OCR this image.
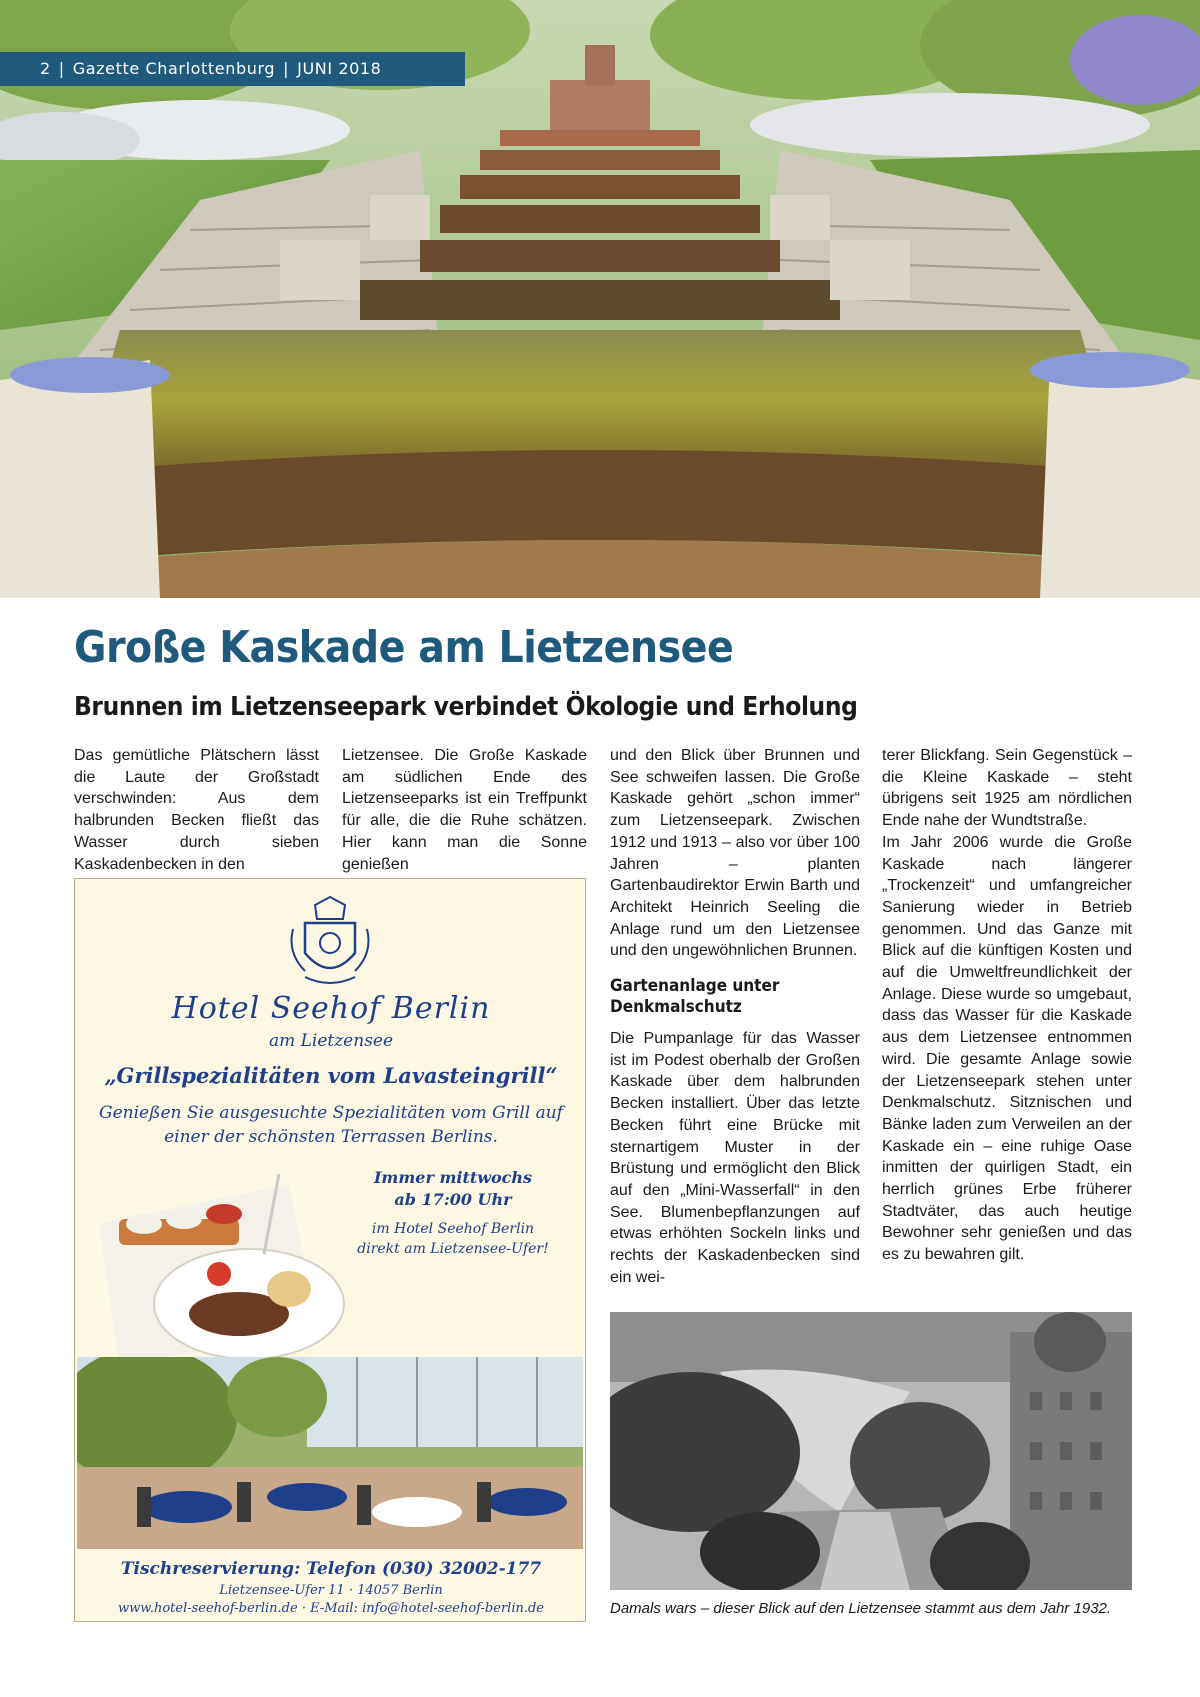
2 | Gazette Charlottenburg | JUNI 2018
Große Kaskade am Lietzensee
Brunnen im Lietzenseepark verbindet Ökologie und Erholung

Das gemütliche Plätschern lässt die Laute der Großstadt verschwinden: Aus dem halbrunden Becken fließt das Wasser durch sieben Kaskadenbecken in den

Lietzensee. Die Große Kaskade am südlichen Ende des Lietzenseeparks ist ein Treffpunkt für alle, die die Ruhe schätzen. Hier kann man die Sonne genießen

Hotel Seehof Berlin
am Lietzensee
„Grillspezialitäten vom Lavasteingrill“
Genießen Sie ausgesuchte Spezialitäten vom Grill auf einer der schönsten Terrassen Berlins.
Immer mittwochs
ab 17:00 Uhr
im Hotel Seehof Berlin
direkt am Lietzensee-Ufer!
Tischreservierung: Telefon (030) 32002-177
Lietzensee-Ufer 11 · 14057 Berlin
www.hotel-seehof-berlin.de · E-Mail: info@hotel-seehof-berlin.de

und den Blick über Brunnen und See schweifen lassen. Die Große Kaskade gehört „schon immer“ zum Lietzenseepark. Zwischen 1912 und 1913 – also vor über 100 Jahren – planten Gartenbaudirektor Erwin Barth und Architekt Heinrich Seeling die Anlage rund um den Lietzensee und den ungewöhnlichen Brunnen.

Gartenanlage unter Denkmalschutz

Die Pumpanlage für das Wasser ist im Podest oberhalb der Großen Kaskade über dem halbrunden Becken installiert. Über das letzte Becken führt eine Brücke mit sternartigem Muster in der Brüstung und ermöglicht den Blick auf den „Mini-Wasserfall“ in den See. Blumenbepflanzungen auf etwas erhöhten Sockeln links und rechts der Kaskadenbecken sind ein wei-

terer Blickfang. Sein Gegenstück – die Kleine Kaskade – steht übrigens seit 1925 am nördlichen Ende nahe der Wundtstraße.

Im Jahr 2006 wurde die Große Kaskade nach längerer „Trockenzeit“ und umfangreicher Sanierung wieder in Betrieb genommen. Und das Ganze mit Blick auf die künftigen Kosten und auf die Umweltfreundlichkeit der Anlage. Diese wurde so umgebaut, dass das Wasser für die Kaskade aus dem Lietzensee entnommen wird. Die gesamte Anlage sowie der Lietzenseepark stehen unter Denkmalschutz. Sitznischen und Bänke laden zum Verweilen an der Kaskade ein – eine ruhige Oase inmitten der quirligen Stadt, ein herrlich grünes Erbe früherer Stadtväter, das auch heutige Bewohner sehr genießen und das es zu bewahren gilt.

Damals wars – dieser Blick auf den Lietzensee stammt aus dem Jahr 1932.
